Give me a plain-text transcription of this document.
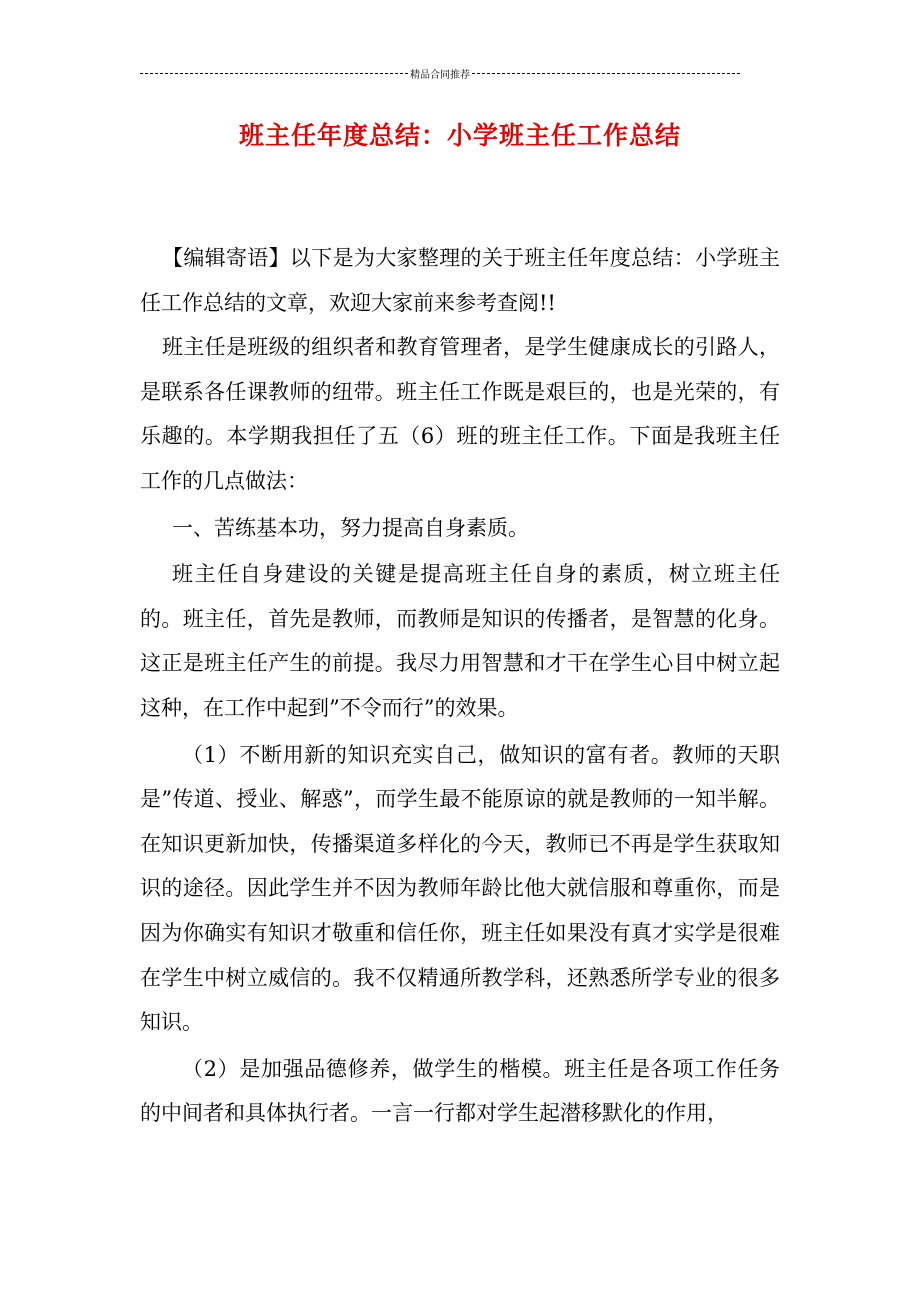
精品合同推荐
班主任年度总结：小学班主任工作总结

【编辑寄语】以下是为大家整理的关于班主任年度总结：小学班主任工作总结的文章，欢迎大家前来参考查阅!!

班主任是班级的组织者和教育管理者，是学生健康成长的引路人，是联系各任课教师的纽带。班主任工作既是艰巨的，也是光荣的，有乐趣的。本学期我担任了五（6）班的班主任工作。下面是我班主任工作的几点做法：

一、苦练基本功，努力提高自身素质。

班主任自身建设的关键是提高班主任自身的素质，树立班主任的。班主任，首先是教师，而教师是知识的传播者，是智慧的化身。这正是班主任产生的前提。我尽力用智慧和才干在学生心目中树立起这种，在工作中起到”不令而行”的效果。

（1）不断用新的知识充实自己，做知识的富有者。教师的天职是”传道、授业、解惑”，而学生最不能原谅的就是教师的一知半解。在知识更新加快，传播渠道多样化的今天，教师已不再是学生获取知识的途径。因此学生并不因为教师年龄比他大就信服和尊重你，而是因为你确实有知识才敬重和信任你，班主任如果没有真才实学是很难在学生中树立威信的。我不仅精通所教学科，还熟悉所学专业的很多知识。

（2）是加强品德修养，做学生的楷模。班主任是各项工作任务的中间者和具体执行者。一言一行都对学生起潜移默化的作用，
